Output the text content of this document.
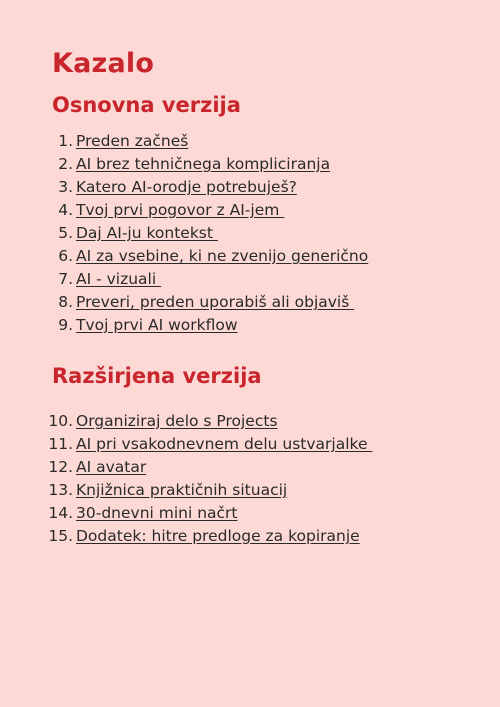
Kazalo
Osnovna verzija
1. Preden začneš
2. AI brez tehničnega kompliciranja
3. Katero AI-orodje potrebuješ?
4. Tvoj prvi pogovor z AI-jem
5. Daj AI-ju kontekst
6. AI za vsebine, ki ne zvenijo generično
7. AI - vizuali
8. Preveri, preden uporabiš ali objaviš
9. Tvoj prvi AI workflow
Razširjena verzija
10. Organiziraj delo s Projects
11. AI pri vsakodnevnem delu ustvarjalke
12. AI avatar
13. Knjižnica praktičnih situacij
14. 30-dnevni mini načrt
15. Dodatek: hitre predloge za kopiranje
